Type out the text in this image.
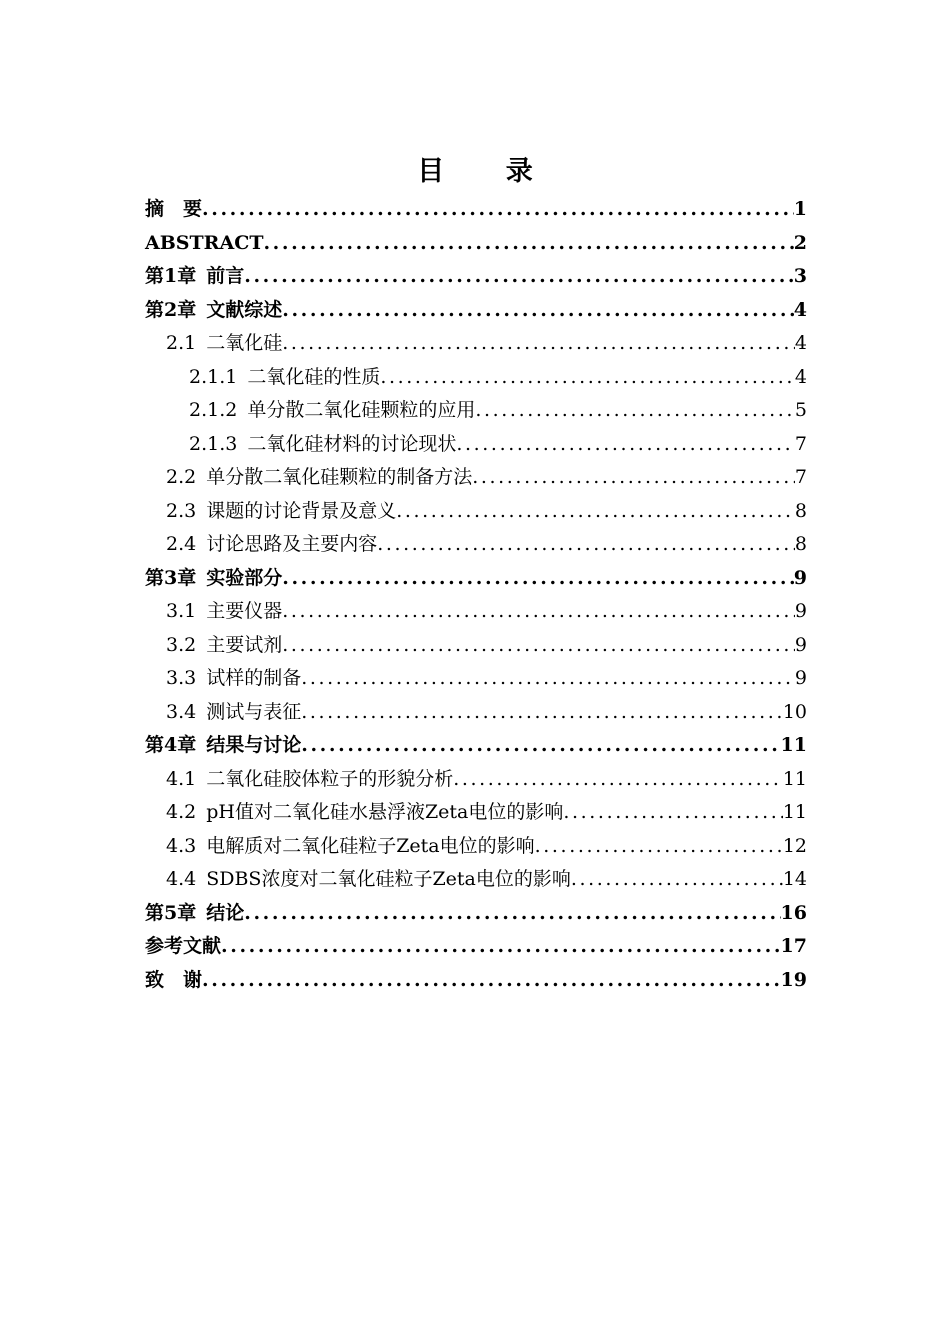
目 录
摘　要 .....	1
ABSTRACT .....	2
第1章 前言 .....	3
第2章 文献综述 .....	4
2.1 二氧化硅 .....	4
2.1.1 二氧化硅的性质 .....	4
2.1.2 单分散二氧化硅颗粒的应用 .....	5
2.1.3 二氧化硅材料的讨论现状 .....	7
2.2 单分散二氧化硅颗粒的制备方法 .....	7
2.3 课题的讨论背景及意义 .....	8
2.4 讨论思路及主要内容 .....	8
第3章 实验部分 .....	9
3.1 主要仪器 .....	9
3.2 主要试剂 .....	9
3.3 试样的制备 .....	9
3.4 测试与表征 .....	10
第4章 结果与讨论 .....	11
4.1 二氧化硅胶体粒子的形貌分析 .....	11
4.2 pH值对二氧化硅水悬浮液Zeta电位的影响 .....	11
4.3 电解质对二氧化硅粒子Zeta电位的影响 .....	12
4.4 SDBS浓度对二氧化硅粒子Zeta电位的影响 .....	14
第5章 结论 .....	16
参考文献 .....	17
致　谢 .....	19
